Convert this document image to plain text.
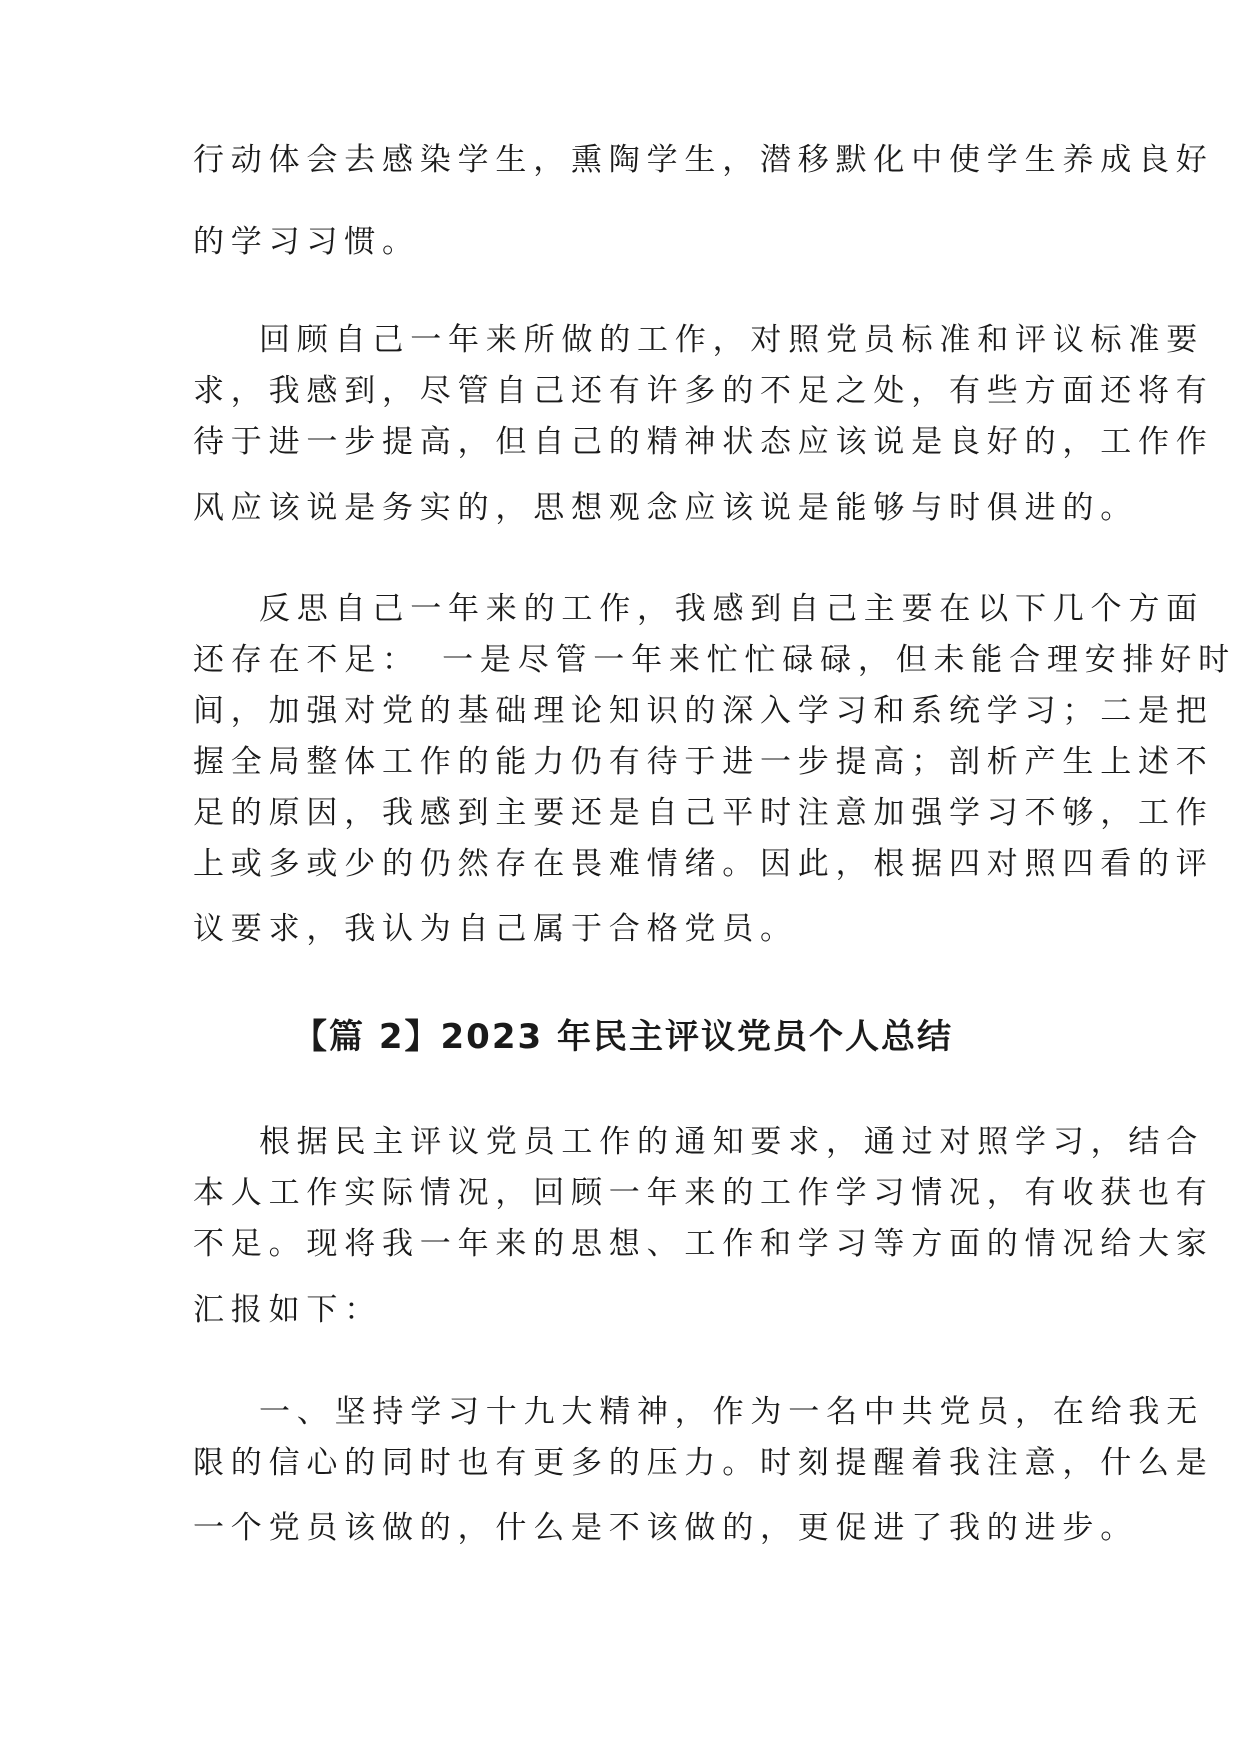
行动体会去感染学生，熏陶学生，潜移默化中使学生养成良好
的学习习惯。
回顾自己一年来所做的工作，对照党员标准和评议标准要
求，我感到，尽管自己还有许多的不足之处，有些方面还将有
待于进一步提高，但自己的精神状态应该说是良好的，工作作
风应该说是务实的，思想观念应该说是能够与时俱进的。
反思自己一年来的工作，我感到自己主要在以下几个方面
还存在不足：　一是尽管一年来忙忙碌碌，但未能合理安排好时
间，加强对党的基础理论知识的深入学习和系统学习；二是把
握全局整体工作的能力仍有待于进一步提高；剖析产生上述不
足的原因，我感到主要还是自己平时注意加强学习不够，工作
上或多或少的仍然存在畏难情绪。因此，根据四对照四看的评
议要求，我认为自己属于合格党员。
【篇 2】2023 年民主评议党员个人总结
根据民主评议党员工作的通知要求，通过对照学习，结合
本人工作实际情况，回顾一年来的工作学习情况，有收获也有
不足。现将我一年来的思想、工作和学习等方面的情况给大家
汇报如下：
一、坚持学习十九大精神，作为一名中共党员，在给我无
限的信心的同时也有更多的压力。时刻提醒着我注意，什么是
一个党员该做的，什么是不该做的，更促进了我的进步。
